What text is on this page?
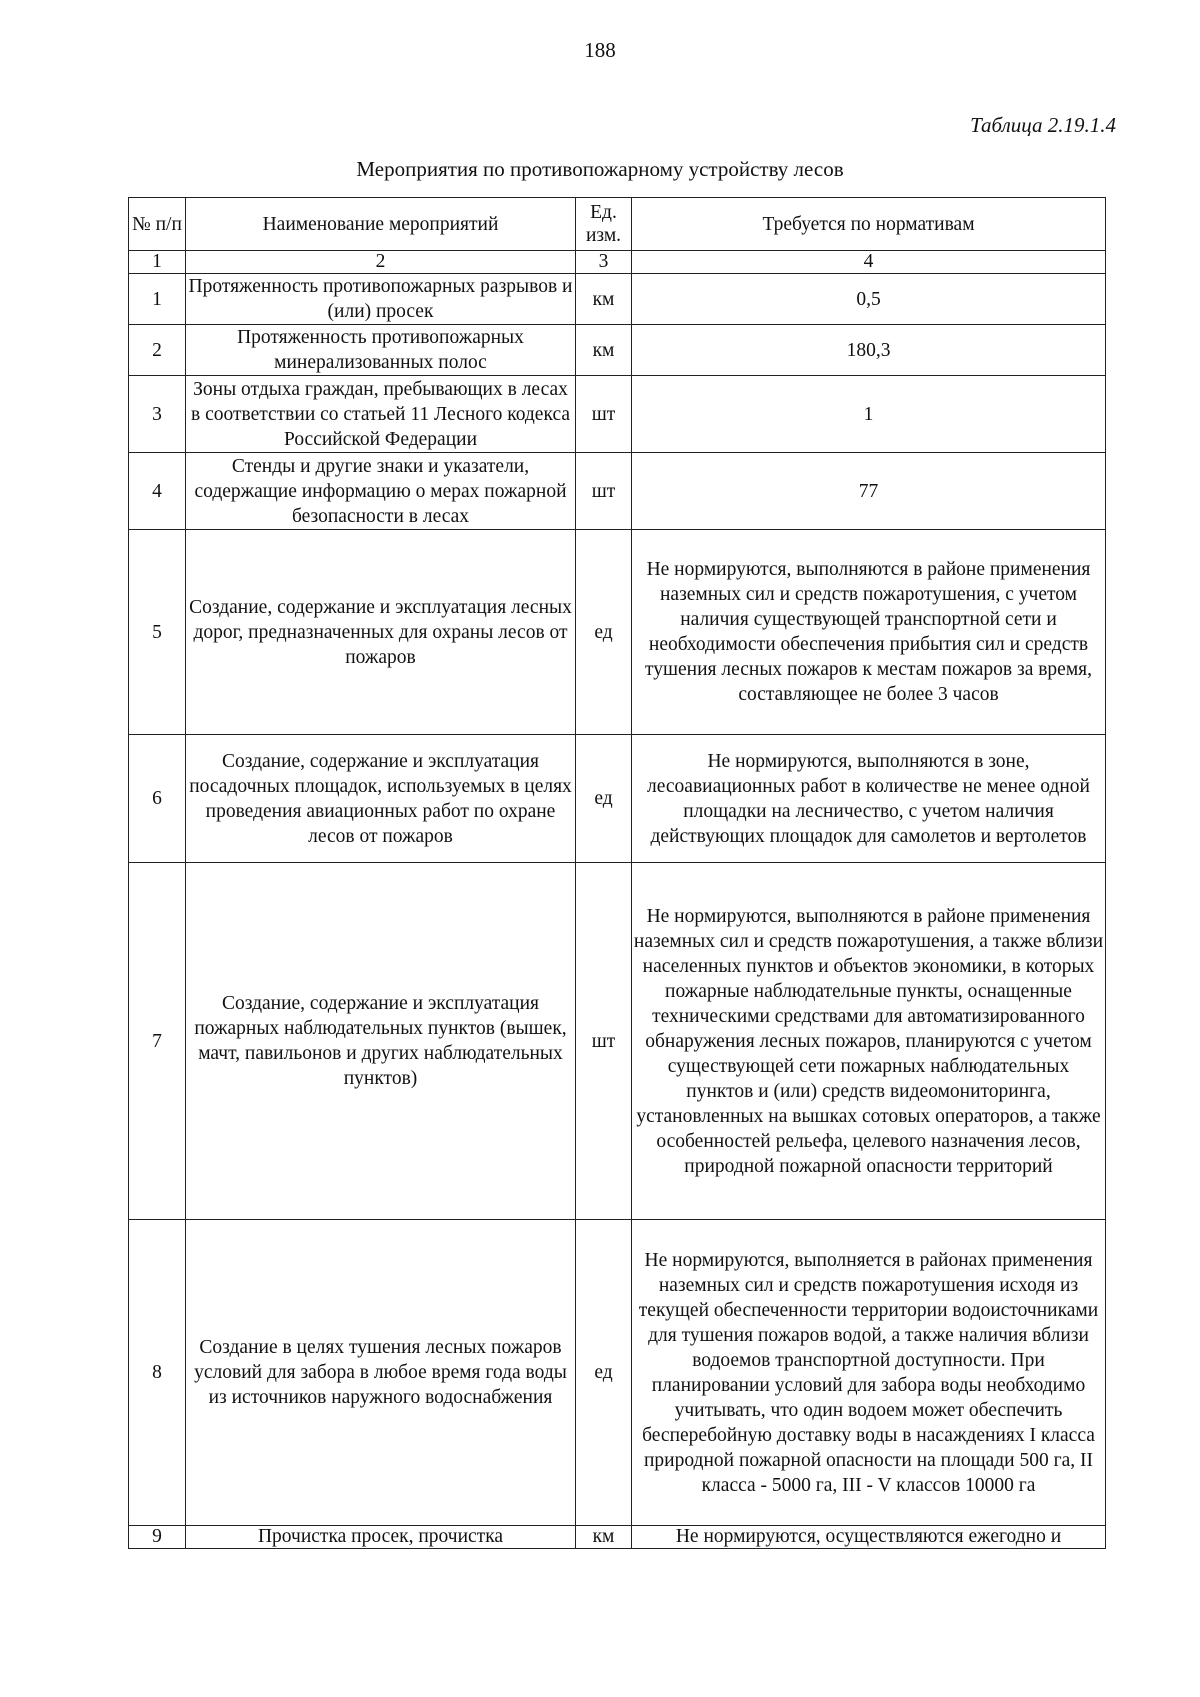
188
Таблица 2.19.1.4
Мероприятия по противопожарному устройству лесов
№ п/п	Наименование мероприятий	Ед. изм.	Требуется по нормативам
1	2	3	4
1	Протяженность противопожарных разрывов и (или) просек	км	0,5
2	Протяженность противопожарных минерализованных полос	км	180,3
3	Зоны отдыха граждан, пребывающих в лесах в соответствии со статьей 11 Лесного кодекса Российской Федерации	шт	1
4	Стенды и другие знаки и указатели, содержащие информацию о мерах пожарной безопасности в лесах	шт	77
5	Создание, содержание и эксплуатация лесных дорог, предназначенных для охраны лесов от пожаров	ед	Не нормируются, выполняются в районе применения наземных сил и средств пожаротушения, с учетом наличия существующей транспортной сети и необходимости обеспечения прибытия сил и средств тушения лесных пожаров к местам пожаров за время, составляющее не более 3 часов
6	Создание, содержание и эксплуатация посадочных площадок, используемых в целях проведения авиационных работ по охране лесов от пожаров	ед	Не нормируются, выполняются в зоне, лесоавиационных работ в количестве не менее одной площадки на лесничество, с учетом наличия действующих площадок для самолетов и вертолетов
7	Создание, содержание и эксплуатация пожарных наблюдательных пунктов (вышек, мачт, павильонов и других наблюдательных пунктов)	шт	Не нормируются, выполняются в районе применения наземных сил и средств пожаротушения, а также вблизи населенных пунктов и объектов экономики, в которых пожарные наблюдательные пункты, оснащенные техническими средствами для автоматизированного обнаружения лесных пожаров, планируются с учетом существующей сети пожарных наблюдательных пунктов и (или) средств видеомониторинга, установленных на вышках сотовых операторов, а также особенностей рельефа, целевого назначения лесов, природной пожарной опасности территорий
8	Создание в целях тушения лесных пожаров условий для забора в любое время года воды из источников наружного водоснабжения	ед	Не нормируются, выполняется в районах применения наземных сил и средств пожаротушения исходя из текущей обеспеченности территории водоисточниками для тушения пожаров водой, а также наличия вблизи водоемов транспортной доступности. При планировании условий для забора воды необходимо учитывать, что один водоем может обеспечить бесперебойную доставку воды в насаждениях I класса природной пожарной опасности на площади 500 га, II класса - 5000 га, III - V классов 10000 га
9	Прочистка просек, прочистка	км	Не нормируются, осуществляются ежегодно и
